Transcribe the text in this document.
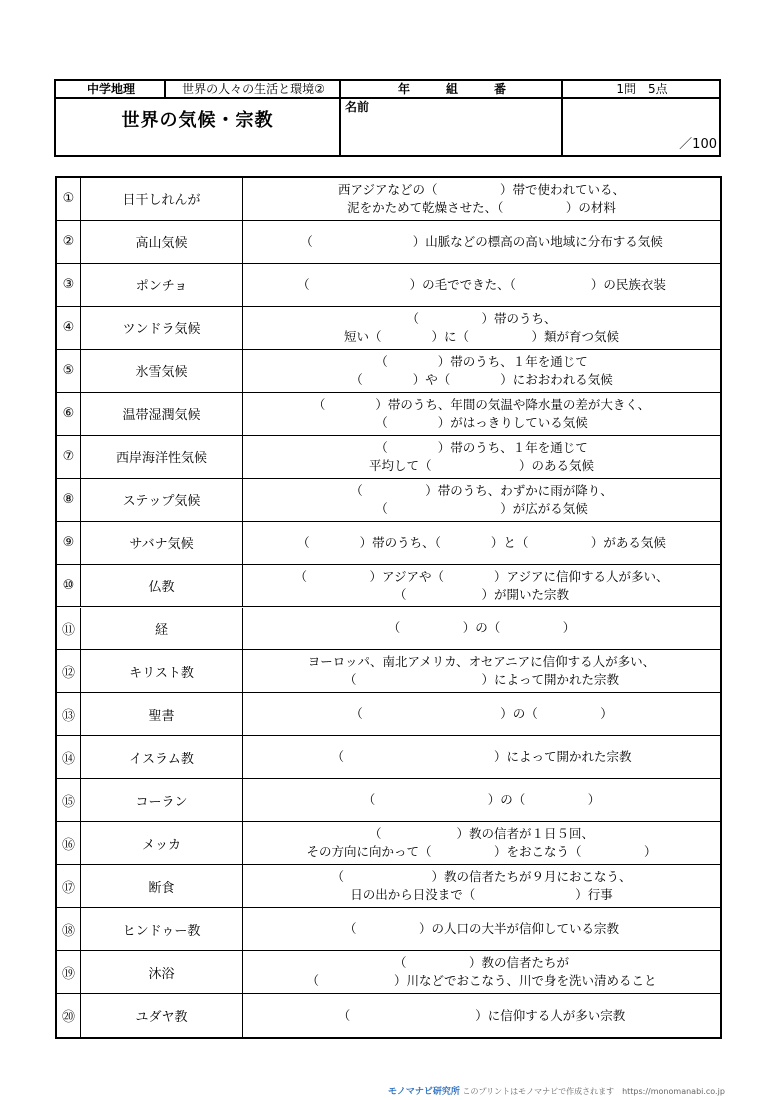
中学地理	世界の人々の生活と環境②	年　　　組　　　番	1問　5点
世界の気候・宗教
名前
／100
①	日干しれんが
西アジアなどの（　　　　　）帯で使われている、
泥をかためて乾燥させた、（　　　　　）の材料
②	高山気候	（　　　　　　　　）山脈などの標高の高い地域に分布する気候
③	ポンチョ	（　　　　　　　　）の毛でできた、（　　　　　　）の民族衣装
④	ツンドラ気候
（　　　　　）帯のうち、
短い（　　　　）に（　　　　　）類が育つ気候
⑤	氷雪気候
（　　　　）帯のうち、１年を通じて
（　　　　）や（　　　　）におおわれる気候
⑥	温帯湿潤気候
（　　　　）帯のうち、年間の気温や降水量の差が大きく、
（　　　　）がはっきりしている気候
⑦	西岸海洋性気候
（　　　　）帯のうち、１年を通じて
平均して（　　　　　　　）のある気候
⑧	ステップ気候
（　　　　　）帯のうち、わずかに雨が降り、
（　　　　　　　　　）が広がる気候
⑨	サバナ気候	（　　　　）帯のうち、（　　　　）と（　　　　　）がある気候
⑩	仏教
（　　　　　）アジアや（　　　　）アジアに信仰する人が多い、
（　　　　　　）が開いた宗教
⑪	経	（　　　　　）の（　　　　　）
⑫	キリスト教
ヨーロッパ、南北アメリカ、オセアニアに信仰する人が多い、
（　　　　　　　　　　）によって開かれた宗教
⑬	聖書	（　　　　　　　　　　　）の（　　　　　）
⑭	イスラム教	（　　　　　　　　　　　　）によって開かれた宗教
⑮	コーラン	（　　　　　　　　　）の（　　　　　）
⑯	メッカ
（　　　　　　）教の信者が１日５回、
その方向に向かって（　　　　　）をおこなう（　　　　　）
⑰	断食
（　　　　　　　）教の信者たちが９月におこなう、
日の出から日没まで（　　　　　　　　）行事
⑱	ヒンドゥー教	（　　　　　）の人口の大半が信仰している宗教
⑲	沐浴
（　　　　　）教の信者たちが
（　　　　　　）川などでおこなう、川で身を洗い清めること
⑳	ユダヤ教	（　　　　　　　　　　）に信仰する人が多い宗教
モノマナビ研究所 このプリントはモノマナビで作成されます　https://monomanabi.co.jp
